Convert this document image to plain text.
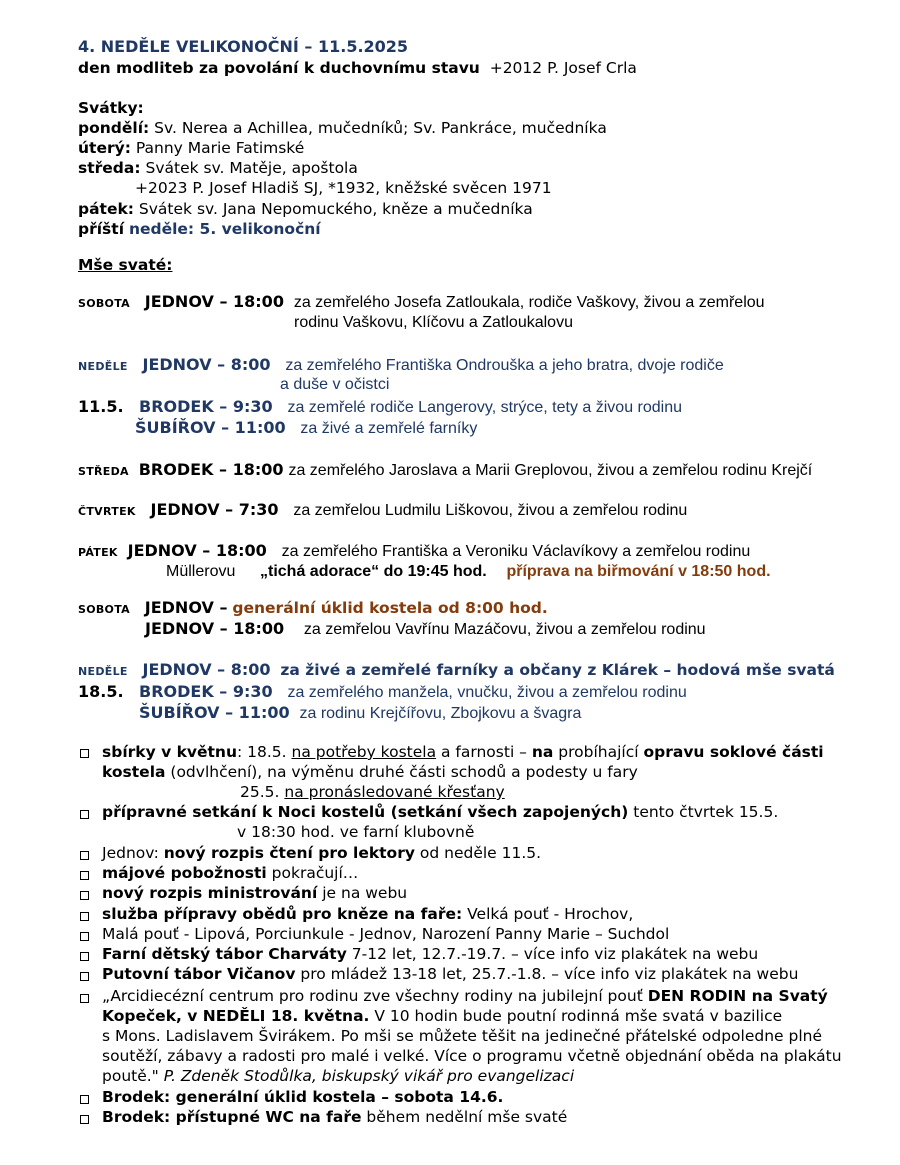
4. NEDĚLE VELIKONOČNÍ – 11.5.2025
den modliteb za povolání k duchovnímu stavu +2012 P. Josef Crla
Svátky:
pondělí: Sv. Nerea a Achillea, mučedníků; Sv. Pankráce, mučedníka
úterý: Panny Marie Fatimské
středa: Svátek sv. Matěje, apoštola
+2023 P. Josef Hladiš SJ, *1932, kněžské svěcen 1971
pátek: Svátek sv. Jana Nepomuckého, kněze a mučedníka
příští neděle: 5. velikonoční
Mše svaté:
SOBOTA JEDNOV – 18:00 za zemřelého Josefa Zatloukala, rodiče Vaškovy, živou a zemřelou
rodinu Vaškovu, Klíčovu a Zatloukalovu
NEDĚLE JEDNOV – 8:00 za zemřelého Františka Ondrouška a jeho bratra, dvoje rodiče
a duše v očistci
11.5. BRODEK – 9:30 za zemřelé rodiče Langerovy, strýce, tety a živou rodinu
ŠUBÍŘOV – 11:00 za živé a zemřelé farníky
STŘEDA BRODEK – 18:00 za zemřelého Jaroslava a Marii Greplovou, živou a zemřelou rodinu Krejčí
ČTVRTEK JEDNOV – 7:30 za zemřelou Ludmilu Liškovou, živou a zemřelou rodinu
PÁTEK JEDNOV – 18:00 za zemřelého Františka a Veroniku Václavíkovy a zemřelou rodinu
Müllerovu „tichá adorace“ do 19:45 hod. příprava na biřmování v 18:50 hod.
SOBOTA JEDNOV – generální úklid kostela od 8:00 hod.
JEDNOV – 18:00 za zemřelou Vavřínu Mazáčovu, živou a zemřelou rodinu
NEDĚLE JEDNOV – 8:00 za živé a zemřelé farníky a občany z Klárek – hodová mše svatá
18.5. BRODEK – 9:30 za zemřelého manžela, vnučku, živou a zemřelou rodinu
ŠUBÍŘOV – 11:00 za rodinu Krejčířovu, Zbojkovu a švagra
sbírky v květnu: 18.5. na potřeby kostela a farnosti – na probíhající opravu soklové části
kostela (odvlhčení), na výměnu druhé části schodů a podesty u fary
25.5. na pronásledované křesťany
přípravné setkání k Noci kostelů (setkání všech zapojených) tento čtvrtek 15.5.
v 18:30 hod. ve farní klubovně
Jednov: nový rozpis čtení pro lektory od neděle 11.5.
májové pobožnosti pokračují…
nový rozpis ministrování je na webu
služba přípravy obědů pro kněze na faře: Velká pouť - Hrochov,
Malá pouť - Lipová, Porciunkule - Jednov, Narození Panny Marie – Suchdol
Farní dětský tábor Charváty 7-12 let, 12.7.-19.7. – více info viz plakátek na webu
Putovní tábor Vičanov pro mládež 13-18 let, 25.7.-1.8. – více info viz plakátek na webu
„Arcidiecézní centrum pro rodinu zve všechny rodiny na jubilejní pouť DEN RODIN na Svatý
Kopeček, v NEDĚLI 18. května. V 10 hodin bude poutní rodinná mše svatá v bazilice
s Mons. Ladislavem Švirákem. Po mši se můžete těšit na jedinečné přátelské odpoledne plné
soutěží, zábavy a radosti pro malé i velké. Více o programu včetně objednání oběda na plakátu
poutě." P. Zdeněk Stodůlka, biskupský vikář pro evangelizaci
Brodek: generální úklid kostela – sobota 14.6.
Brodek: přístupné WC na faře během nedělní mše svaté
